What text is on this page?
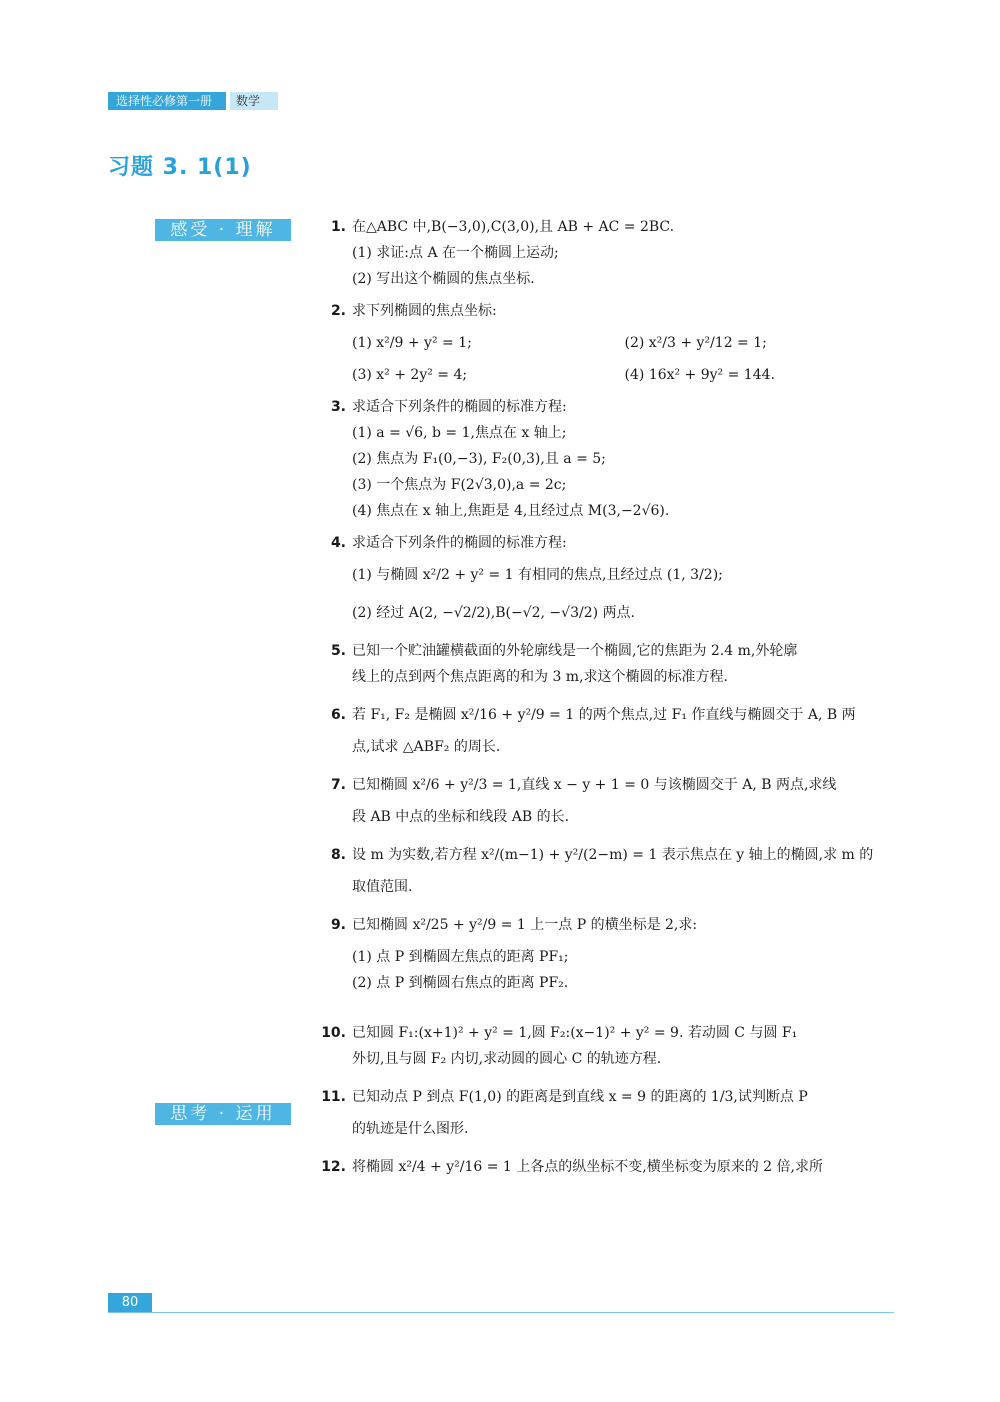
选择性必修第一册	数学
习题 3. 1(1)
感受 · 理解
思考 · 运用
1. 在△ABC 中,B(−3,0),C(3,0),且 AB + AC = 2BC.
(1) 求证:点 A 在一个椭圆上运动;
(2) 写出这个椭圆的焦点坐标.
2. 求下列椭圆的焦点坐标:
(1) x²/9 + y² = 1;	(2) x²/3 + y²/12 = 1;
(3) x² + 2y² = 4;	(4) 16x² + 9y² = 144.
3. 求适合下列条件的椭圆的标准方程:
(1) a = √6, b = 1,焦点在 x 轴上;
(2) 焦点为 F₁(0,−3), F₂(0,3),且 a = 5;
(3) 一个焦点为 F(2√3,0),a = 2c;
(4) 焦点在 x 轴上,焦距是 4,且经过点 M(3,−2√6).
4. 求适合下列条件的椭圆的标准方程:
(1) 与椭圆 x²/2 + y² = 1 有相同的焦点,且经过点 (1, 3/2);
(2) 经过 A(2, −√2/2),B(−√2, −√3/2) 两点.
5. 已知一个贮油罐横截面的外轮廓线是一个椭圆,它的焦距为 2.4 m,外轮廓
线上的点到两个焦点距离的和为 3 m,求这个椭圆的标准方程.
6. 若 F₁, F₂ 是椭圆 x²/16 + y²/9 = 1 的两个焦点,过 F₁ 作直线与椭圆交于 A, B 两
点,试求 △ABF₂ 的周长.
7. 已知椭圆 x²/6 + y²/3 = 1,直线 x − y + 1 = 0 与该椭圆交于 A, B 两点,求线
段 AB 中点的坐标和线段 AB 的长.
8. 设 m 为实数,若方程 x²/(m−1) + y²/(2−m) = 1 表示焦点在 y 轴上的椭圆,求 m 的
取值范围.
9. 已知椭圆 x²/25 + y²/9 = 1 上一点 P 的横坐标是 2,求:
(1) 点 P 到椭圆左焦点的距离 PF₁;
(2) 点 P 到椭圆右焦点的距离 PF₂.
10. 已知圆 F₁:(x+1)² + y² = 1,圆 F₂:(x−1)² + y² = 9. 若动圆 C 与圆 F₁
外切,且与圆 F₂ 内切,求动圆的圆心 C 的轨迹方程.
11. 已知动点 P 到点 F(1,0) 的距离是到直线 x = 9 的距离的 1/3,试判断点 P
的轨迹是什么图形.
12. 将椭圆 x²/4 + y²/16 = 1 上各点的纵坐标不变,横坐标变为原来的 2 倍,求所
80
